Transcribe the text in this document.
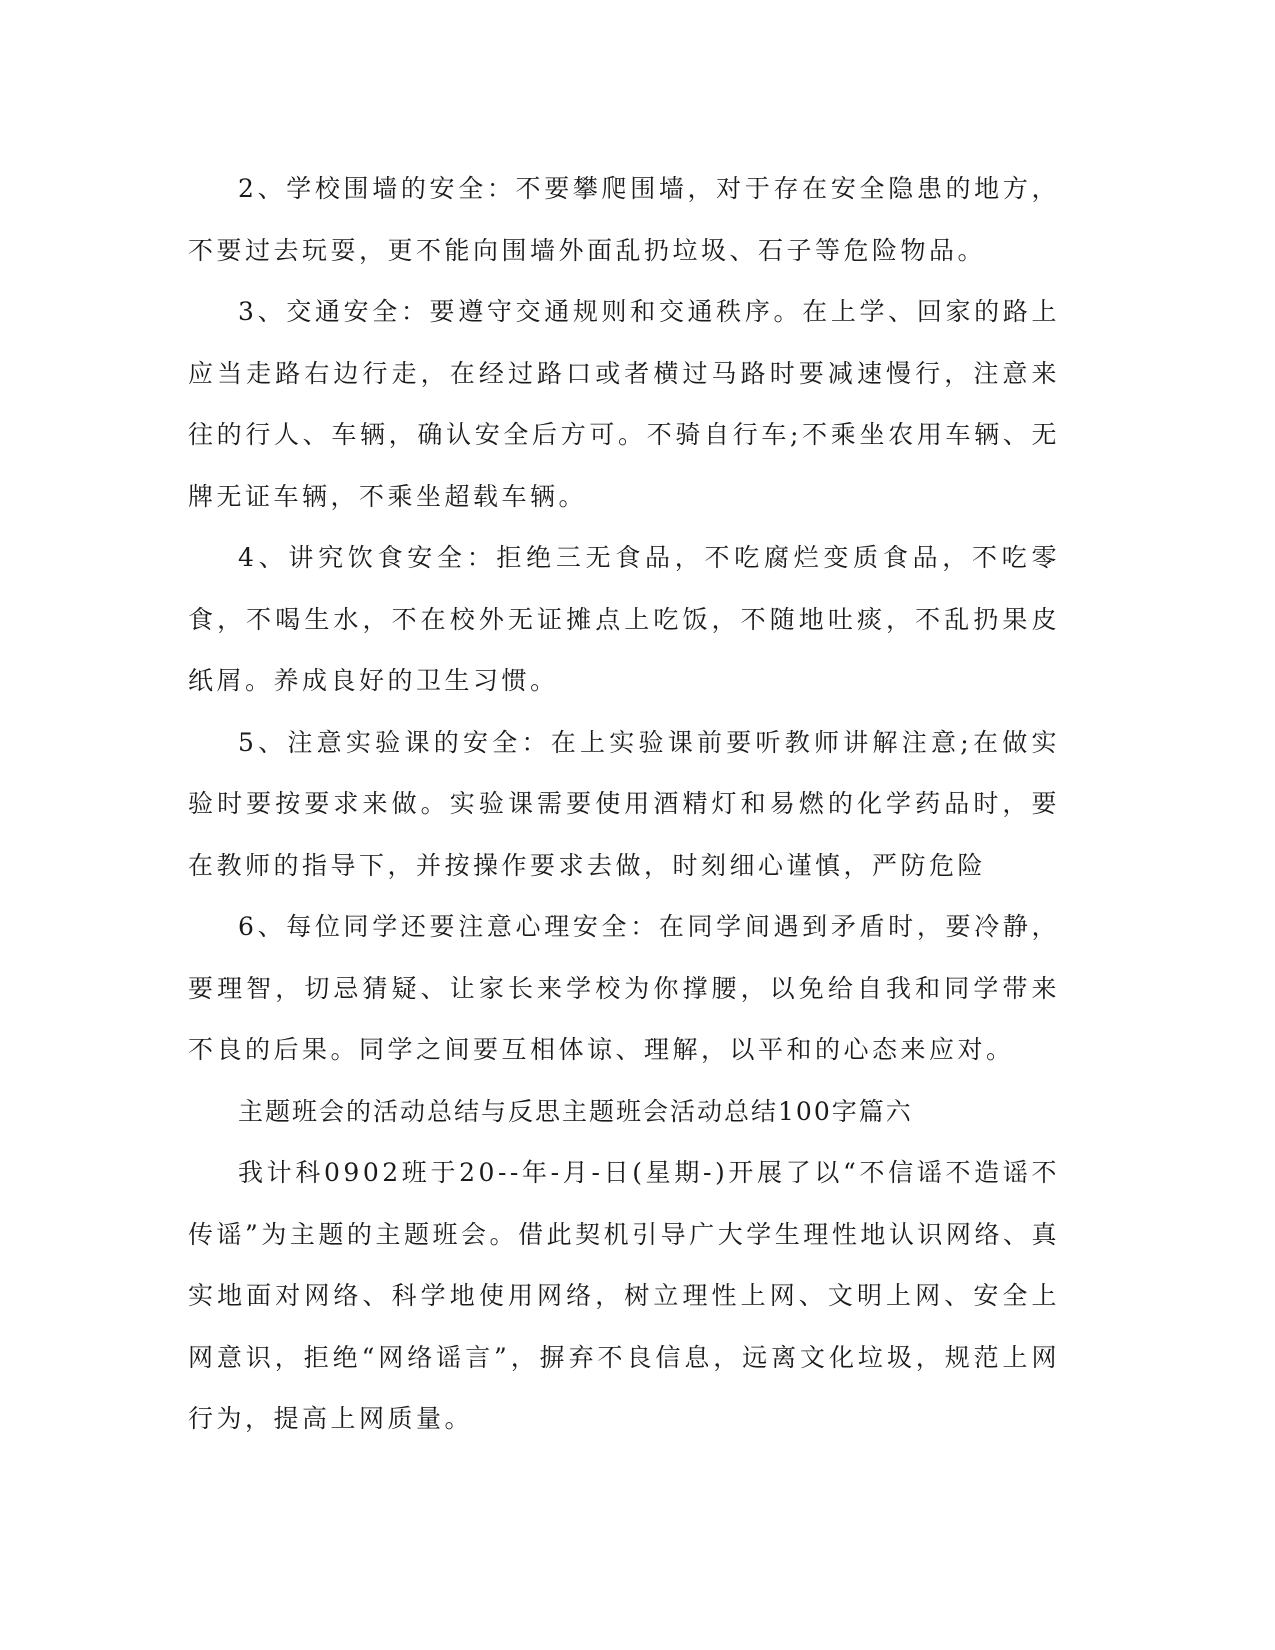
2、学校围墙的安全：不要攀爬围墙，对于存在安全隐患的地方，不要过去玩耍，更不能向围墙外面乱扔垃圾、石子等危险物品。

3、交通安全：要遵守交通规则和交通秩序。在上学、回家的路上应当走路右边行走，在经过路口或者横过马路时要减速慢行，注意来往的行人、车辆，确认安全后方可。不骑自行车;不乘坐农用车辆、无牌无证车辆，不乘坐超载车辆。

4、讲究饮食安全：拒绝三无食品，不吃腐烂变质食品，不吃零食，不喝生水，不在校外无证摊点上吃饭，不随地吐痰，不乱扔果皮纸屑。养成良好的卫生习惯。

5、注意实验课的安全：在上实验课前要听教师讲解注意;在做实验时要按要求来做。实验课需要使用酒精灯和易燃的化学药品时，要在教师的指导下，并按操作要求去做，时刻细心谨慎，严防危险

6、每位同学还要注意心理安全：在同学间遇到矛盾时，要冷静，要理智，切忌猜疑、让家长来学校为你撑腰，以免给自我和同学带来不良的后果。同学之间要互相体谅、理解，以平和的心态来应对。

主题班会的活动总结与反思主题班会活动总结100字篇六

我计科0902班于20--年-月-日(星期-)开展了以“不信谣不造谣不传谣”为主题的主题班会。借此契机引导广大学生理性地认识网络、真实地面对网络、科学地使用网络，树立理性上网、文明上网、安全上网意识，拒绝“网络谣言”，摒弃不良信息，远离文化垃圾，规范上网行为，提高上网质量。
